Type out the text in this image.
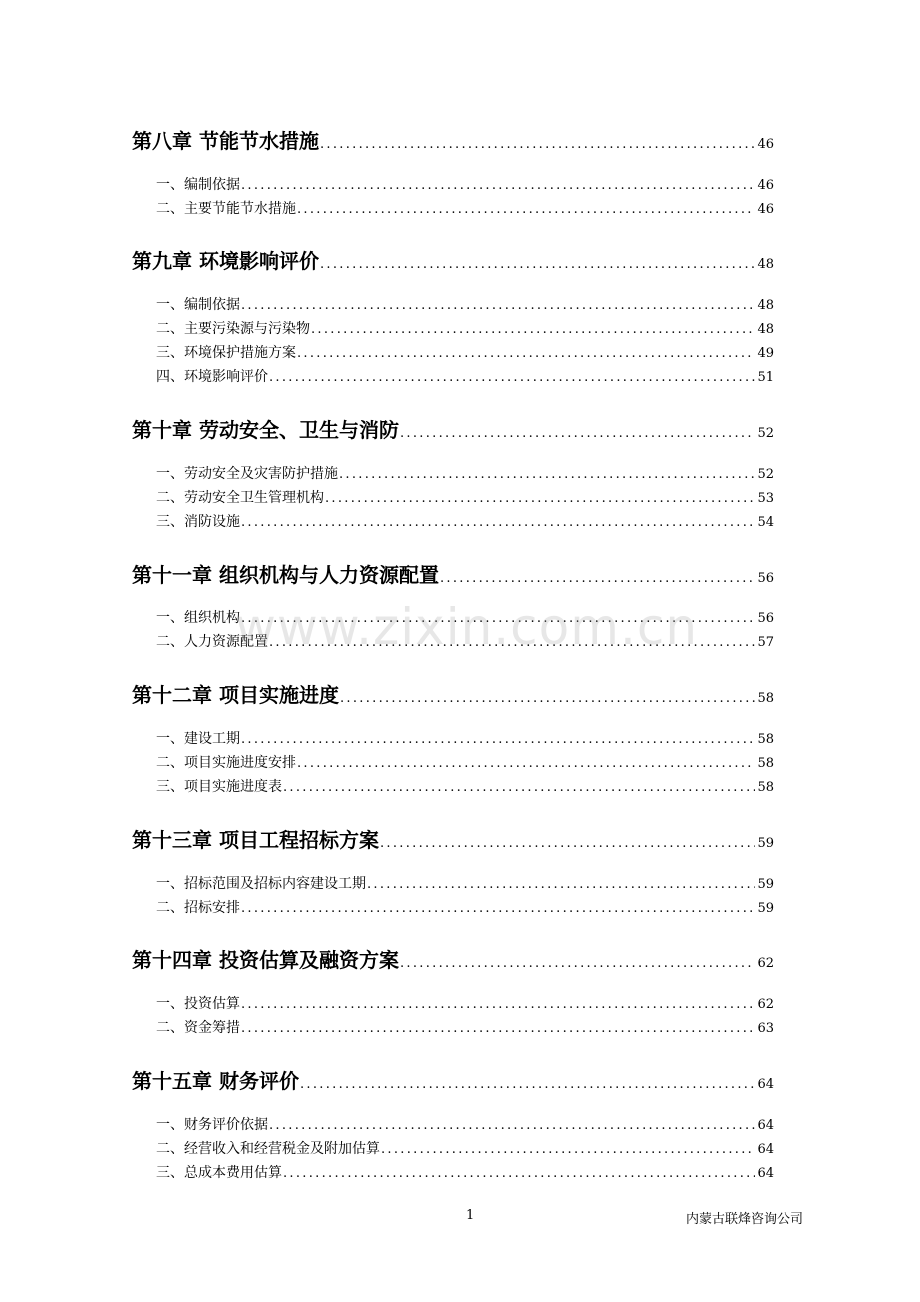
第八章 节能节水措施 .....	46
一、编制依据 .....	46
二、主要节能节水措施 .....	46
第九章 环境影响评价 .....	48
一、编制依据 .....	48
二、主要污染源与污染物 .....	48
三、环境保护措施方案 .....	49
四、环境影响评价 .....	51
第十章 劳动安全、卫生与消防 .....	52
一、劳动安全及灾害防护措施 .....	52
二、劳动安全卫生管理机构 .....	53
三、消防设施 .....	54
第十一章 组织机构与人力资源配置 .....	56
一、组织机构 .....	56
二、人力资源配置 .....	57
第十二章 项目实施进度 .....	58
一、建设工期 .....	58
二、项目实施进度安排 .....	58
三、项目实施进度表 .....	58
第十三章 项目工程招标方案 .....	59
一、招标范围及招标内容建设工期 .....	59
二、招标安排 .....	59
第十四章 投资估算及融资方案 .....	62
一、投资估算 .....	62
二、资金筹措 .....	63
第十五章 财务评价 .....	64
一、财务评价依据 .....	64
二、经营收入和经营税金及附加估算 .....	64
三、总成本费用估算 .....	64
www.zixin.com.cn
1	内蒙古联烽咨询公司
